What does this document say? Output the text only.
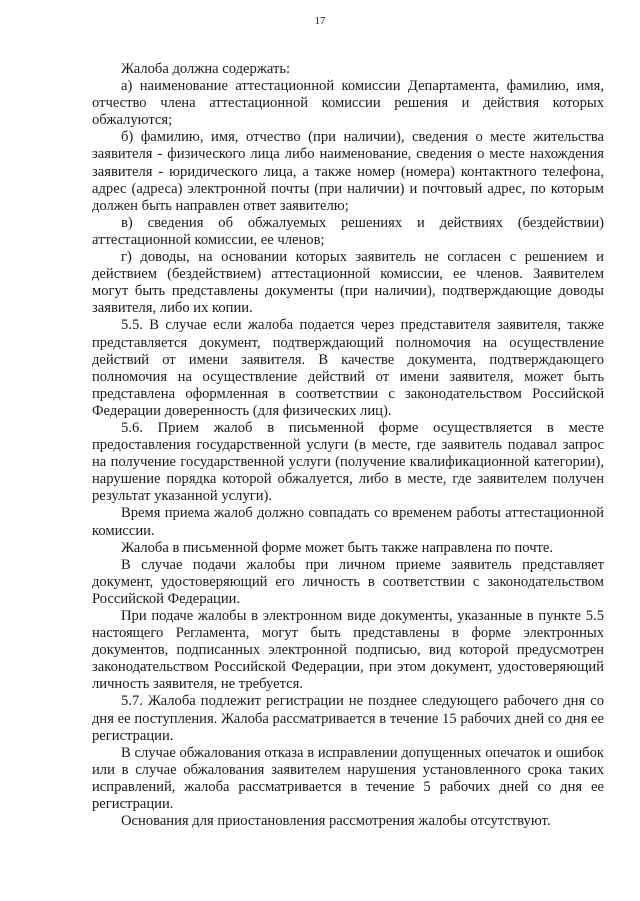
17

Жалоба должна содержать:

а) наименование аттестационной комиссии Департамента, фамилию, имя, отчество члена аттестационной комиссии решения и действия которых обжалуются;

б) фамилию, имя, отчество (при наличии), сведения о месте жительства заявителя - физического лица либо наименование, сведения о месте нахождения заявителя - юридического лица, а также номер (номера) контактного телефона, адрес (адреса) электронной почты (при наличии) и почтовый адрес, по которым должен быть направлен ответ заявителю;

в) сведения об обжалуемых решениях и действиях (бездействии) аттестационной комиссии, ее членов;

г) доводы, на основании которых заявитель не согласен с решением и действием (бездействием) аттестационной комиссии, ее членов. Заявителем могут быть представлены документы (при наличии), подтверждающие доводы заявителя, либо их копии.

5.5. В случае если жалоба подается через представителя заявителя, также представляется документ, подтверждающий полномочия на осуществление действий от имени заявителя. В качестве документа, подтверждающего полномочия на осуществление действий от имени заявителя, может быть представлена оформленная в соответствии с законодательством Российской Федерации доверенность (для физических лиц).

5.6. Прием жалоб в письменной форме осуществляется в месте предоставления государственной услуги (в месте, где заявитель подавал запрос на получение государственной услуги (получение квалификационной категории), нарушение порядка которой обжалуется, либо в месте, где заявителем получен результат указанной услуги).

Время приема жалоб должно совпадать со временем работы аттестационной комиссии.

Жалоба в письменной форме может быть также направлена по почте.

В случае подачи жалобы при личном приеме заявитель представляет документ, удостоверяющий его личность в соответствии с законодательством Российской Федерации.

При подаче жалобы в электронном виде документы, указанные в пункте 5.5 настоящего Регламента, могут быть представлены в форме электронных документов, подписанных электронной подписью, вид которой предусмотрен законодательством Российской Федерации, при этом документ, удостоверяющий личность заявителя, не требуется.

5.7. Жалоба подлежит регистрации не позднее следующего рабочего дня со дня ее поступления. Жалоба рассматривается в течение 15 рабочих дней со дня ее регистрации.

В случае обжалования отказа в исправлении допущенных опечаток и ошибок или в случае обжалования заявителем нарушения установленного срока таких исправлений, жалоба рассматривается в течение 5 рабочих дней со дня ее регистрации.

Основания для приостановления рассмотрения жалобы отсутствуют.
